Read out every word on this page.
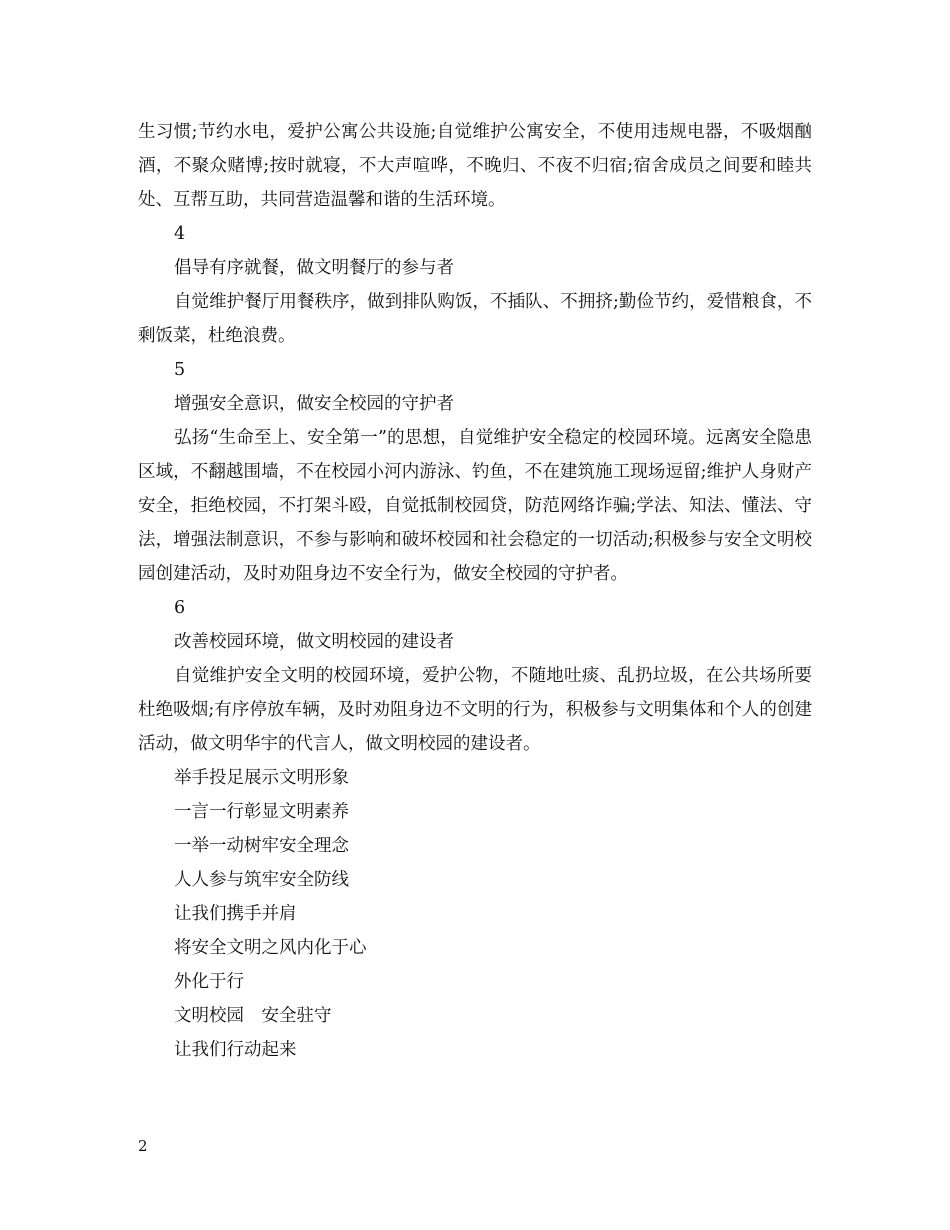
生习惯;节约水电，爱护公寓公共设施;自觉维护公寓安全，不使用违规电器，不吸烟酗酒，不聚众赌博;按时就寝，不大声喧哗，不晚归、不夜不归宿;宿舍成员之间要和睦共处、互帮互助，共同营造温馨和谐的生活环境。

4

倡导有序就餐，做文明餐厅的参与者

自觉维护餐厅用餐秩序，做到排队购饭，不插队、不拥挤;勤俭节约，爱惜粮食，不剩饭菜，杜绝浪费。

5

增强安全意识，做安全校园的守护者

弘扬“生命至上、安全第一”的思想，自觉维护安全稳定的校园环境。远离安全隐患区域，不翻越围墙，不在校园小河内游泳、钓鱼，不在建筑施工现场逗留;维护人身财产安全，拒绝校园，不打架斗殴，自觉抵制校园贷，防范网络诈骗;学法、知法、懂法、守法，增强法制意识，不参与影响和破坏校园和社会稳定的一切活动;积极参与安全文明校园创建活动，及时劝阻身边不安全行为，做安全校园的守护者。

6

改善校园环境，做文明校园的建设者

自觉维护安全文明的校园环境，爱护公物，不随地吐痰、乱扔垃圾，在公共场所要杜绝吸烟;有序停放车辆，及时劝阻身边不文明的行为，积极参与文明集体和个人的创建活动，做文明华宇的代言人，做文明校园的建设者。

举手投足展示文明形象

一言一行彰显文明素养

一举一动树牢安全理念

人人参与筑牢安全防线

让我们携手并肩

将安全文明之风内化于心

外化于行

文明校园　安全驻守

让我们行动起来

2
